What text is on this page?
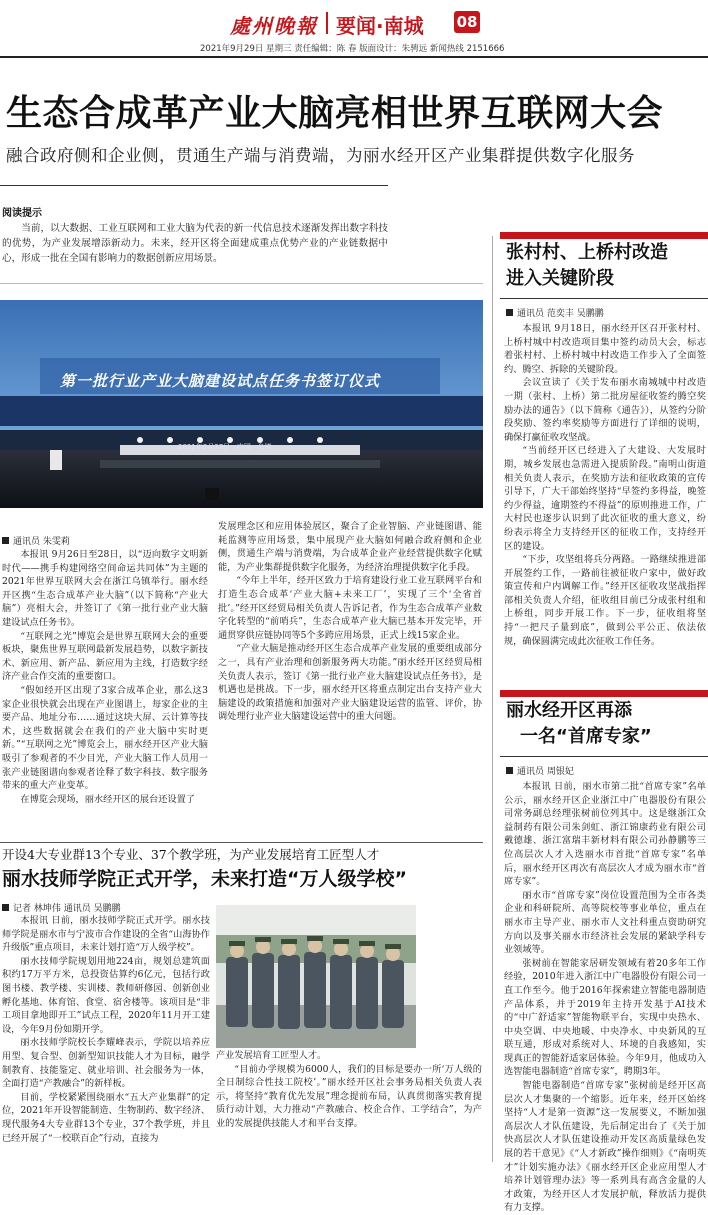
處州晚報 要闻·南城 08
2021年9月29日 星期三 责任编辑：陈 春 版面设计：朱骋远 新闻热线 2151666
生态合成革产业大脑亮相世界互联网大会
融合政府侧和企业侧，贯通生产端与消费端，为丽水经开区产业集群提供数字化服务
阅读提示

当前，以大数据、工业互联网和工业大脑为代表的新一代信息技术逐渐发挥出数字科技的优势，为产业发展增添新动力。未来，经开区将全面建成重点优势产业的产业链数据中心，形成一批在全国有影响力的数据创新应用场景。

第一批行业产业大脑建设试点任务书签订仪式
2021年9月27日 · 中国 · 乌镇
通讯员 朱雯莉

本报讯 9月26日至28日，以“迈向数字文明新时代——携手构建网络空间命运共同体”为主题的2021年世界互联网大会在浙江乌镇举行。丽水经开区携“生态合成革产业大脑”（以下简称“产业大脑”）亮相大会，并签订了《第一批行业产业大脑建设试点任务书》。

“互联网之光”博览会是世界互联网大会的重要板块，聚焦世界互联网最新发展趋势，以数字新技术、新应用、新产品、新应用为主线，打造数字经济产业合作交流的重要窗口。

“假如经开区出现了3家合成革企业，那么这3家企业很快就会出现在产业图谱上，每家企业的主要产品、地址分布……通过这块大屏、云计算等技术，这些数据就会在我们的产业大脑中实时更新。”“互联网之光”博览会上，丽水经开区产业大脑吸引了参观者的不少目光，产业大脑工作人员用一张产业链图谱向参观者诠释了数字科技、数字服务带来的重大产业变革。

在博览会现场，丽水经开区的展台还设置了

发展理念区和应用体验展区，聚合了企业智脑、产业链图谱、能耗监测等应用场景，集中展现产业大脑如何融合政府侧和企业侧，贯通生产端与消费端，为合成革企业产业经营提供数字化赋能，为产业集群提供数字化服务，为经济治理提供数字化手段。

“今年上半年，经开区致力于培育建设行业工业互联网平台和打造生态合成革‘产业大脑+未来工厂’，实现了三个‘全省首批’。”经开区经贸局相关负责人告诉记者，作为生态合成革产业数字化转型的“前哨兵”，生态合成革产业大脑已基本开发完毕，开通贯穿供应链协同等5个多跨应用场景，正式上线15家企业。

“产业大脑是推动经开区生态合成革产业发展的重要组成部分之一，具有产业治理和创新服务两大功能。”丽水经开区经贸局相关负责人表示，签订《第一批行业产业大脑建设试点任务书》，是机遇也是挑战。下一步，丽水经开区将重点制定出台支持产业大脑建设的政策措施和加强对产业大脑建设运营的监管、评价，协调处理行业产业大脑建设运营中的重大问题。

开设4大专业群13个专业、37个教学班，为产业发展培育工匠型人才
丽水技师学院正式开学，未来打造“万人级学校”
记者 林坤伟 通讯员 吴鹏鹏

本报讯 日前，丽水技师学院正式开学。丽水技师学院是丽水市与宁波市合作建设的全省“山海协作升级版”重点项目，未来计划打造“万人级学校”。

丽水技师学院规划用地224亩，规划总建筑面积约17万平方米，总投资估算约6亿元，包括行政图书楼、教学楼、实训楼、教师研修园、创新创业孵化基地、体育馆、食堂、宿舍楼等。该项目是“非工项目拿地即开工”试点工程，2020年11月开工建设，今年9月份如期开学。

丽水技师学院校长李耀峰表示，学院以培养应用型、复合型、创新型知识技能人才为目标，融学制教育、技能鉴定、就业培训、社会服务为一体，全面打造“产教融合”的新样板。

目前，学校紧紧围绕丽水“五大产业集群”的定位，2021年开设智能制造、生物制药、数字经济、现代服务4大专业群13个专业，37个教学班，并且已经开展了“一校联百企”行动，直接为

产业发展培育工匠型人才。

“目前办学规模为6000人，我们的目标是要办一所‘万人级的全日制综合性技工院校’。”丽水经开区社会事务局相关负责人表示，将坚持“教育优先发展”理念提前布局，认真贯彻落实教育提质行动计划，大力推动“产教融合、校企合作、工学结合”，为产业的发展提供技能人才和平台支撑。

张村村、上桥村改造
进入关键阶段
通讯员 范奕丰 吴鹏鹏

本报讯 9月18日，丽水经开区召开张村村、上桥村城中村改造项目集中签约动员大会，标志着张村村、上桥村城中村改造工作步入了全面签约、腾空、拆除的关键阶段。

会议宣读了《关于发布丽水南城城中村改造一期（张村、上桥）第二批房屋征收签约腾空奖励办法的通告》（以下简称《通告》），从签约分阶段奖励、签约率奖励等方面进行了详细的说明，确保打赢征收攻坚战。

“当前经开区已经进入了大建设、大发展时期，城乡发展也急需进入提质阶段。”南明山街道相关负责人表示，在奖励方法和征收政策的宣传引导下，广大干部始终坚持“早签约多得益，晚签约少得益，逾期签约不得益”的原则推进工作，广大村民也逐步认识到了此次征收的重大意义，纷纷表示将全力支持经开区的征收工作，支持经开区的建设。

“下步，攻坚组将兵分两路。一路继续推进部开展签约工作，一路前往被征收户家中，做好政策宣传和户内调解工作。”经开区征收攻坚战指挥部相关负责人介绍，征收组目前已分成张村组和上桥组，同步开展工作。下一步，征收组将坚持“一把尺子量到底”，做到公平公正、依法依规，确保圆满完成此次征收工作任务。

丽水经开区再添
一名“首席专家”
通讯员 周银妃

本报讯 日前，丽水市第二批“首席专家”名单公示，丽水经开区企业浙江中广电器股份有限公司常务副总经理张树前位列其中。这是继浙江众益制药有限公司朱剑虹、浙江锦康药业有限公司戴德雄、浙江富瑞丰新材料有限公司孙静鹏等三位高层次人才入选丽水市首批“首席专家”名单后，丽水经开区再次有高层次人才成为丽水市“首席专家”。

丽水市“首席专家”岗位设置范围为全市各类企业和科研院所、高等院校等事业单位，重点在丽水市主导产业、丽水市人文社科重点资助研究方向以及事关丽水市经济社会发展的紧缺学科专业领域等。

张树前在智能家居研发领域有着20多年工作经验，2010年进入浙江中广电器股份有限公司一直工作至今。他于2016年探索建立智能电器制造产品体系，并于2019年主持开发基于AI技术的“中广舒适家”智能物联平台，实现中央热水、中央空调、中央地暖、中央净水、中央新风的互联互通，形成对系统对人、环境的自我感知，实现真正的智能舒适家居体验。今年9月，他成功入选智能电器制造“首席专家”，聘期3年。

智能电器制造“首席专家”张树前是经开区高层次人才集聚的一个缩影。近年来，经开区始终坚持“人才是第一资源”这一发展要义，不断加强高层次人才队伍建设，先后制定出台了《关于加快高层次人才队伍建设推动开发区高质量绿色发展的若干意见》《“人才新政”操作细则》《“南明英才”计划实施办法》《丽水经开区企业应用型人才培养计划管理办法》等一系列具有高含金量的人才政策，为经开区人才发展护航，释放活力提供有力支撑。
